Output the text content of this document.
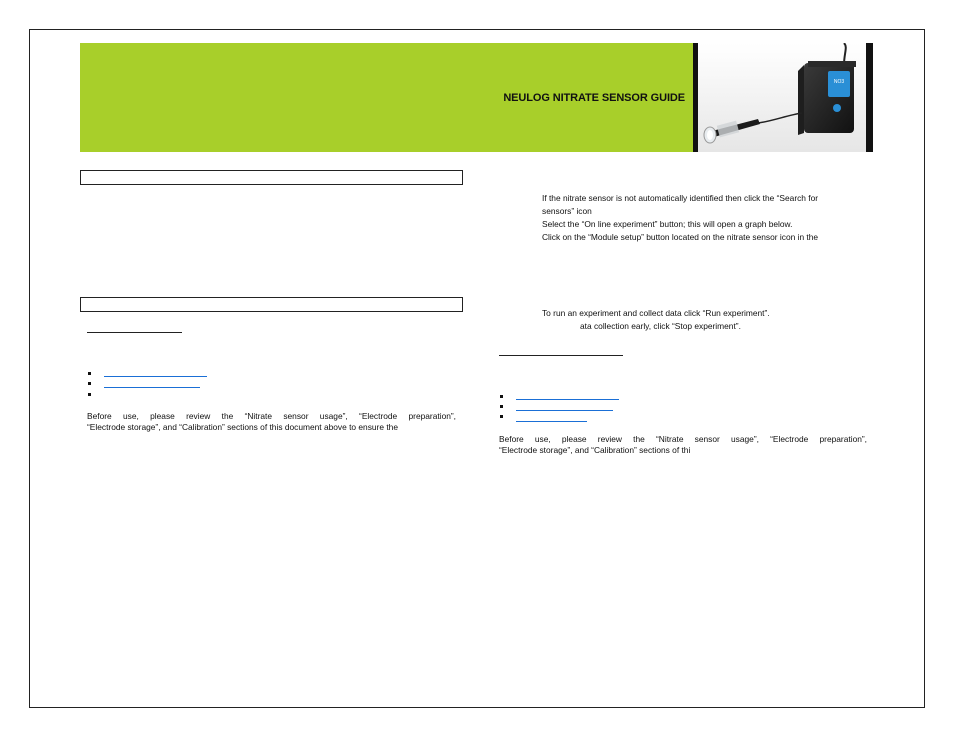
NEULOG NITRATE SENSOR GUIDE
NO3
Before use, please review the “Nitrate sensor usage”, “Electrode preparation”,
“Electrode storage”, and “Calibration” sections of this document above to ensure the
If the nitrate sensor is not automatically identified then click the “Search for
sensors” icon
Select the “On line experiment” button; this will open a graph below.
Click on the “Module setup” button located on the nitrate sensor icon in the
To run an experiment and collect data click “Run experiment”.
ata collection early, click “Stop experiment”.
Before use, please review the “Nitrate sensor usage”, “Electrode preparation”,
“Electrode storage”, and “Calibration” sections of thi
